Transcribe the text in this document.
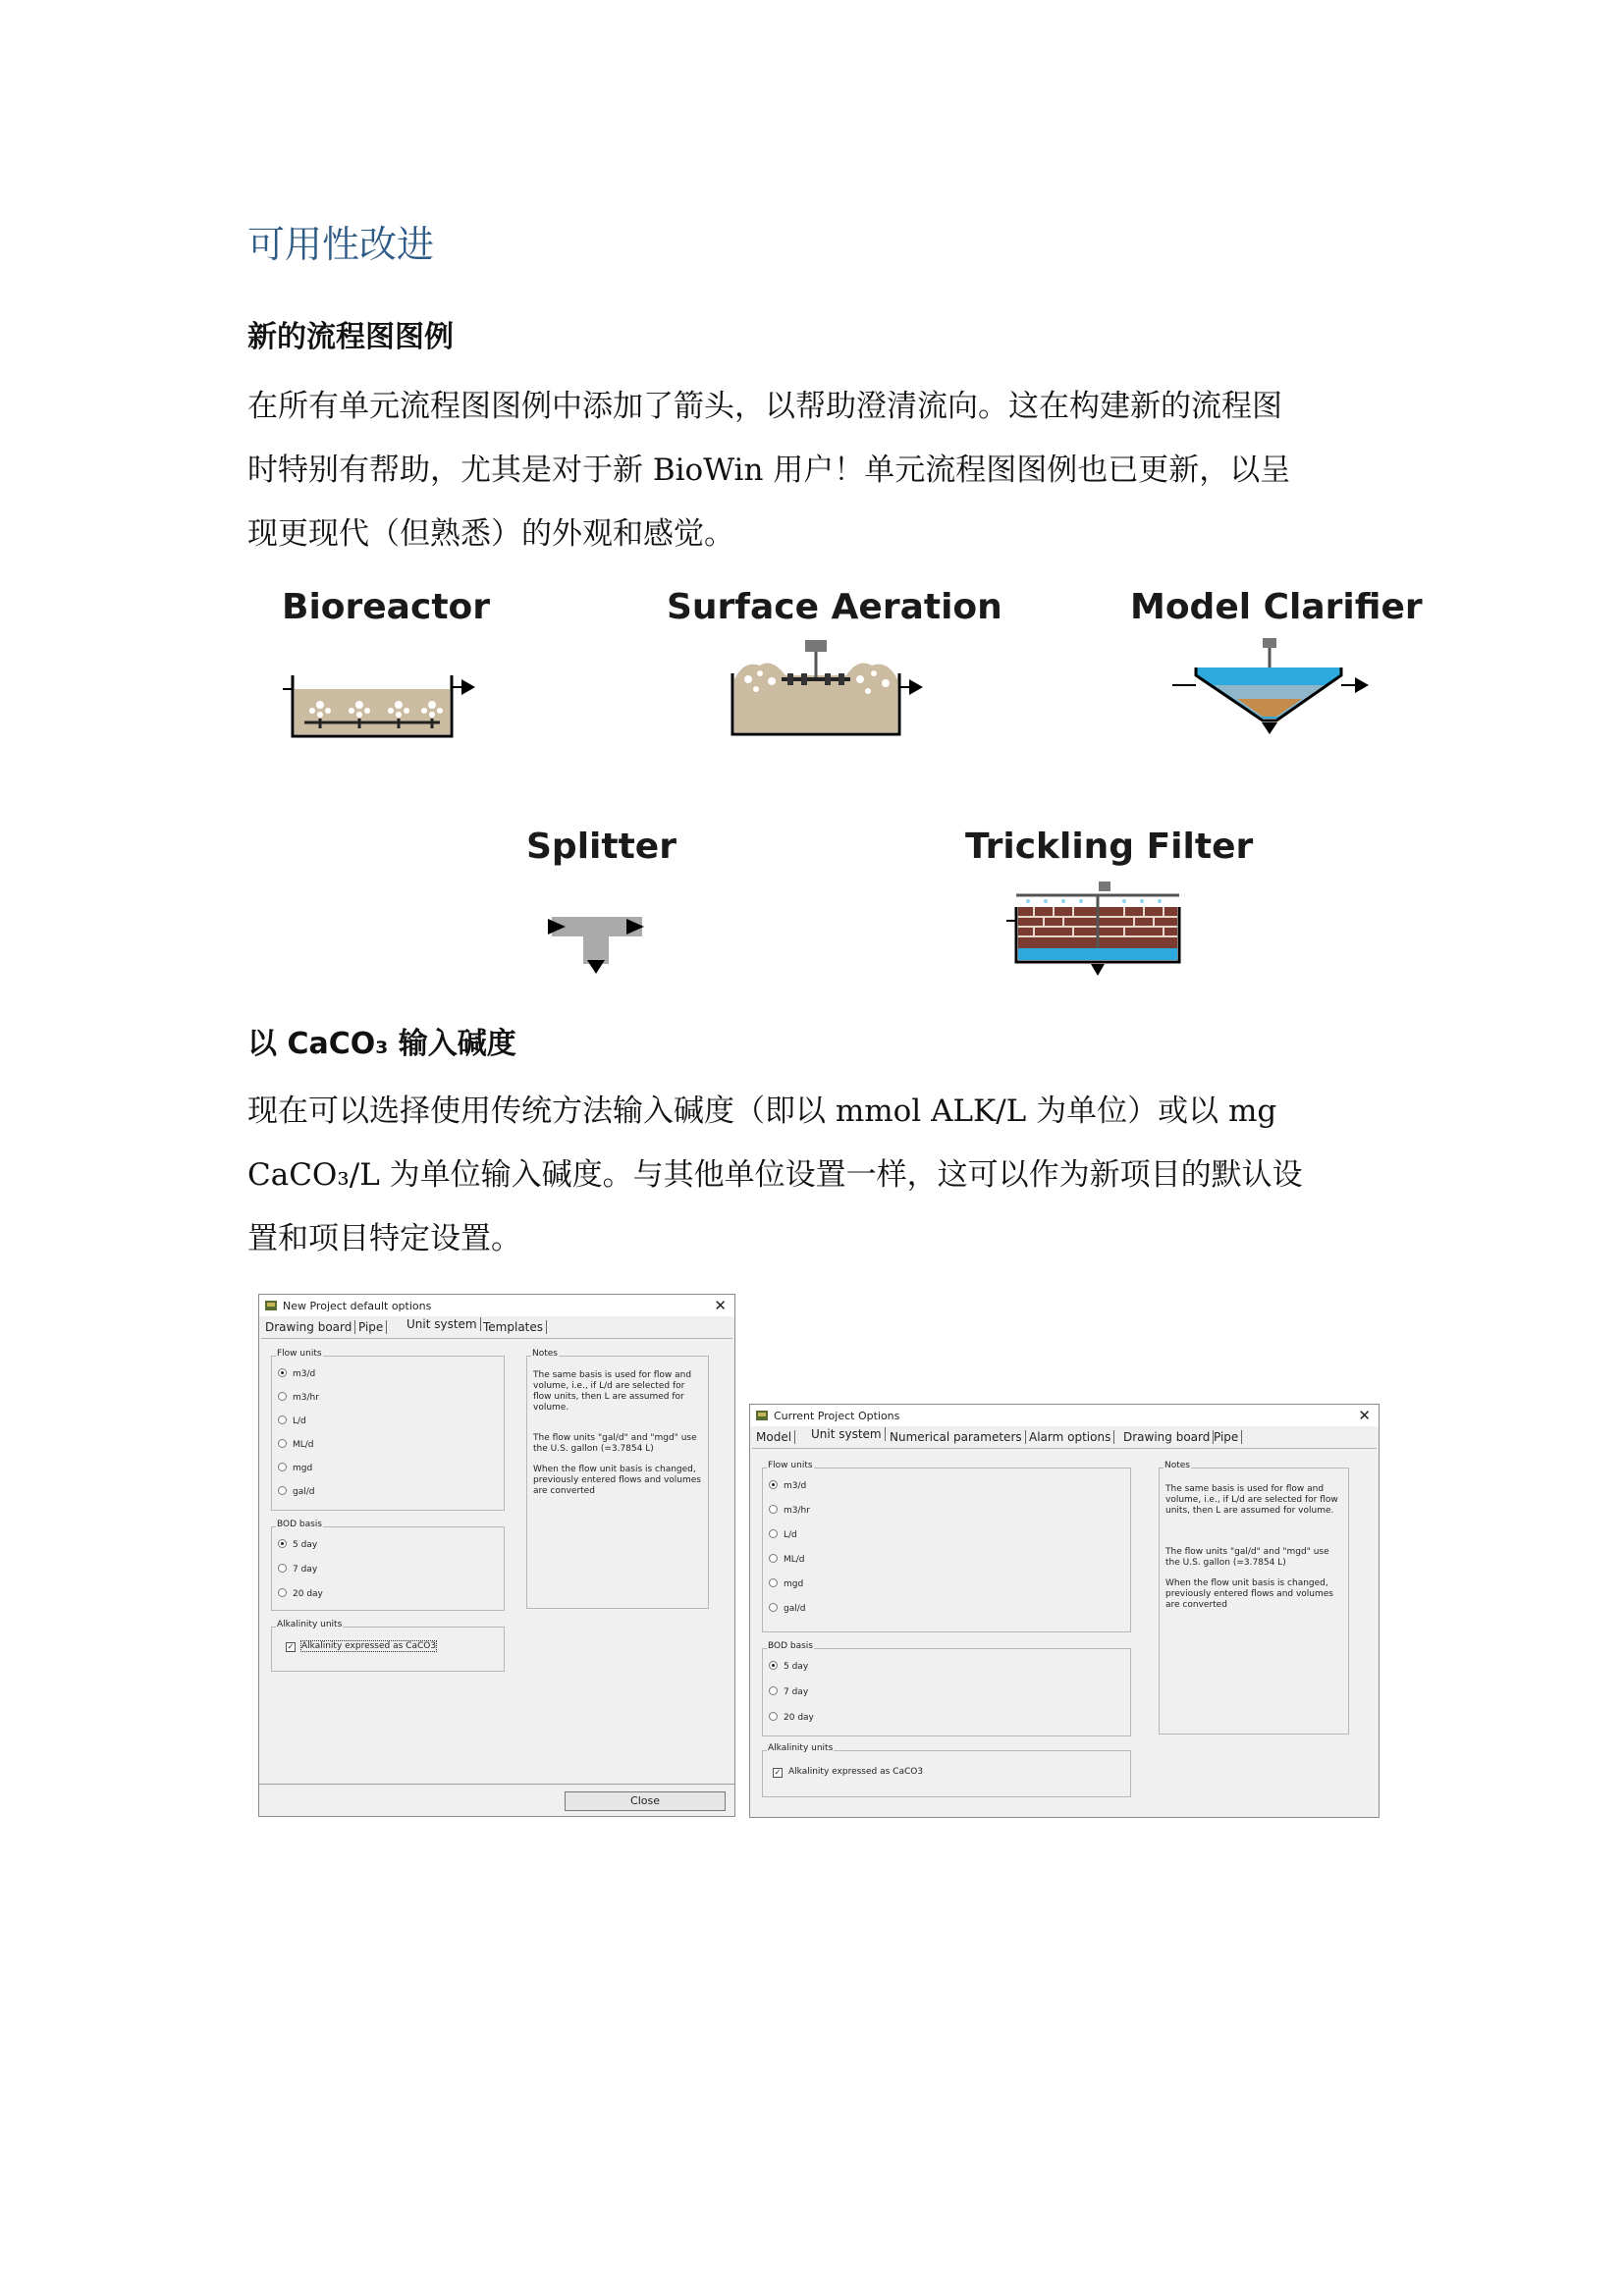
可用性改进
新的流程图图例
在所有单元流程图图例中添加了箭头，以帮助澄清流向。这在构建新的流程图
时特别有帮助，尤其是对于新 BioWin 用户！单元流程图图例也已更新，以呈
现更现代（但熟悉）的外观和感觉。
Bioreactor	Surface Aeration	Model Clarifier
Splitter	Trickling Filter
以 CaCO₃ 输入碱度
现在可以选择使用传统方法输入碱度（即以 mmol ALK/L 为单位）或以 mg
CaCO₃/L 为单位输入碱度。与其他单位设置一样，这可以作为新项目的默认设
置和项目特定设置。
New Project default options	✕
Drawing board Pipe Unit system Templates
Flow units
m3/d
m3/hr
L/d
ML/d
mgd
gal/d
BOD basis
5 day
7 day
20 day
Alkalinity units
✓ Alkalinity expressed as CaCO3
Notes
The same basis is used for flow and volume, i.e., if L/d are selected for flow units, then L are assumed for volume.
The flow units "gal/d" and "mgd" use the U.S. gallon (=3.7854 L)
When the flow unit basis is changed, previously entered flows and volumes are converted
Close
Current Project Options	✕
Model Unit system Numerical parameters Alarm options Drawing board Pipe
Flow units
m3/d
m3/hr
L/d
ML/d
mgd
gal/d
BOD basis
5 day
7 day
20 day
Alkalinity units
✓ Alkalinity expressed as CaCO3
Notes
The same basis is used for flow and volume, i.e., if L/d are selected for flow units, then L are assumed for volume.
The flow units "gal/d" and "mgd" use the U.S. gallon (=3.7854 L)
When the flow unit basis is changed, previously entered flows and volumes are converted
